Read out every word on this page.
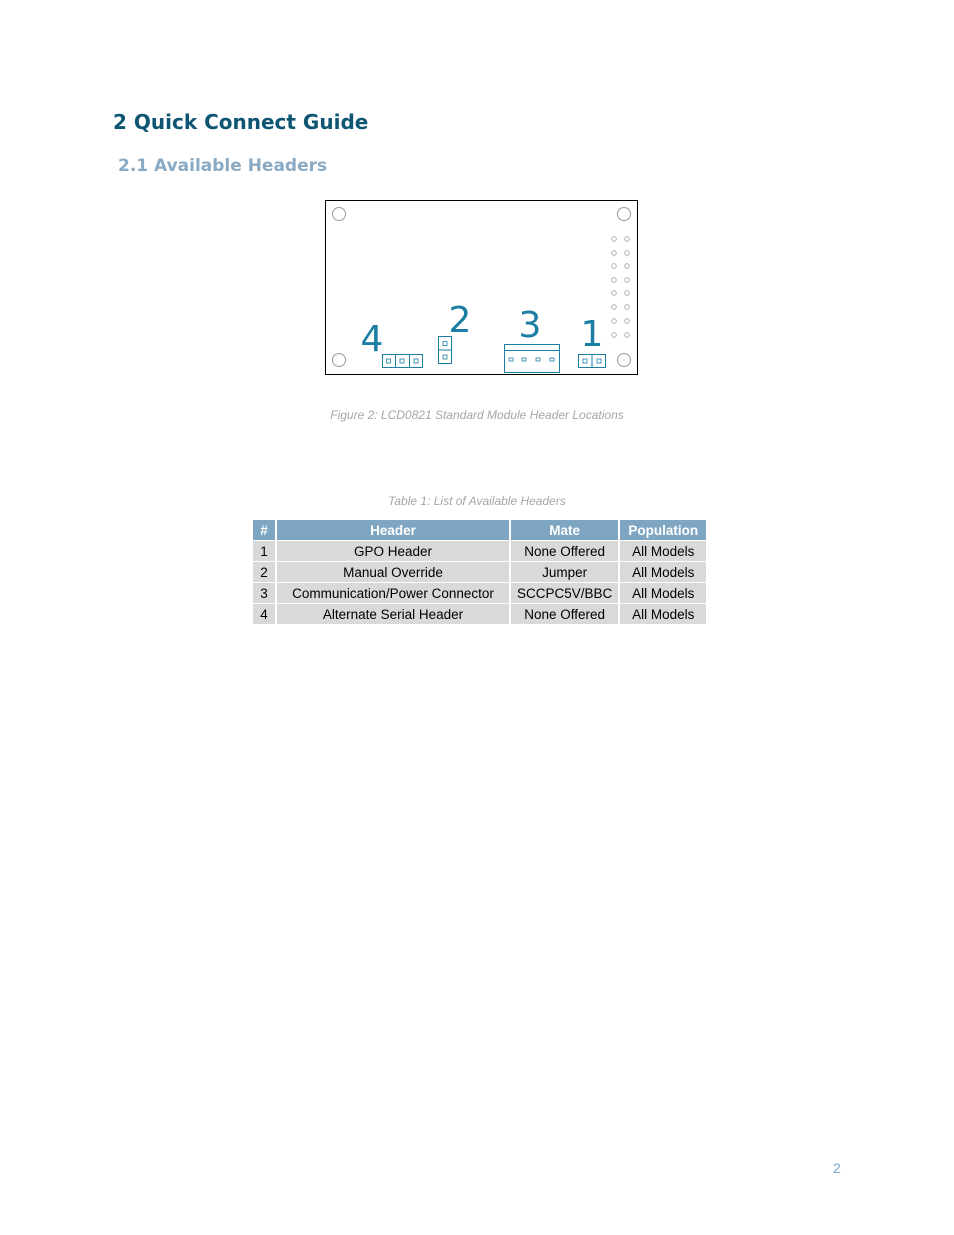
2 Quick Connect Guide
2.1 Available Headers
4 2 3 1
Figure 2: LCD0821 Standard Module Header Locations
Table 1: List of Available Headers
#	Header	Mate	Population
1	GPO Header	None Offered	All Models
2	Manual Override	Jumper	All Models
3	Communication/Power Connector	SCCPC5V/BBC	All Models
4	Alternate Serial Header	None Offered	All Models
2
